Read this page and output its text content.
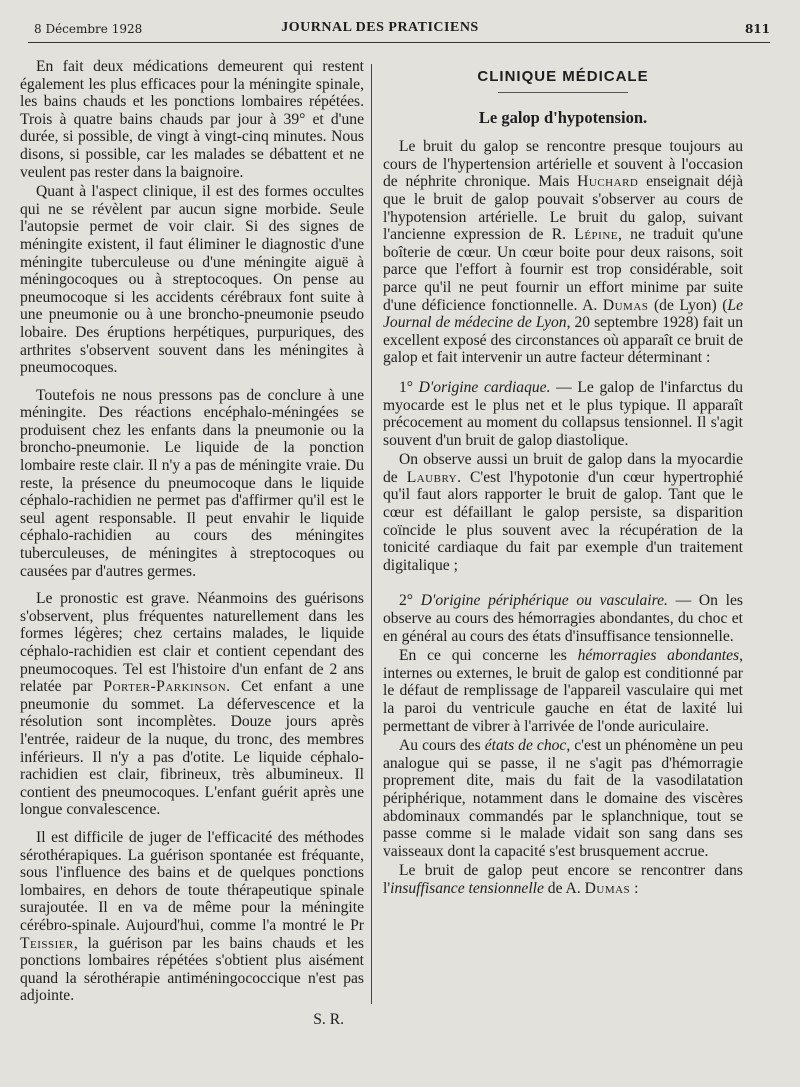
8 Décembre 1928	JOURNAL DES PRATICIENS	811

En fait deux médications demeurent qui restent également les plus efficaces pour la méningite spinale, les bains chauds et les ponctions lombaires répétées. Trois à quatre bains chauds par jour à 39° et d'une durée, si possible, de vingt à vingt-cinq minutes. Nous disons, si possible, car les malades se débattent et ne veulent pas rester dans la baignoire.

Quant à l'aspect clinique, il est des formes occultes qui ne se révèlent par aucun signe morbide. Seule l'autopsie permet de voir clair. Si des signes de méningite existent, il faut éliminer le diagnostic d'une méningite tuberculeuse ou d'une méningite aiguë à méningocoques ou à streptocoques. On pense au pneumocoque si les accidents cérébraux font suite à une pneumonie ou à une broncho-pneumonie pseudo lobaire. Des éruptions herpétiques, purpuriques, des arthrites s'observent souvent dans les méningites à pneumocoques.

Toutefois ne nous pressons pas de conclure à une méningite. Des réactions encéphalo-méningées se produisent chez les enfants dans la pneumonie ou la broncho-pneumonie. Le liquide de la ponction lombaire reste clair. Il n'y a pas de méningite vraie. Du reste, la présence du pneumocoque dans le liquide céphalo-rachidien ne permet pas d'affirmer qu'il est le seul agent responsable. Il peut envahir le liquide céphalo-rachidien au cours des méningites tuberculeuses, de méningites à streptocoques ou causées par d'autres germes.

Le pronostic est grave. Néanmoins des guérisons s'observent, plus fréquentes naturellement dans les formes légères; chez certains malades, le liquide céphalo-rachidien est clair et contient cependant des pneumocoques. Tel est l'histoire d'un enfant de 2 ans relatée par Porter-Parkinson. Cet enfant a une pneumonie du sommet. La défervescence et la résolution sont incomplètes. Douze jours après l'entrée, raideur de la nuque, du tronc, des membres inférieurs. Il n'y a pas d'otite. Le liquide céphalo-rachidien est clair, fibrineux, très albumineux. Il contient des pneumocoques. L'enfant guérit après une longue convalescence.

Il est difficile de juger de l'efficacité des méthodes sérothérapiques. La guérison spontanée est fréquante, sous l'influence des bains et de quelques ponctions lombaires, en dehors de toute thérapeutique spinale surajoutée. Il en va de même pour la méningite cérébro-spinale. Aujourd'hui, comme l'a montré le Pr Teissier, la guérison par les bains chauds et les ponctions lombaires répétées s'obtient plus aisément quand la sérothérapie antiméningococcique n'est pas adjointe.

S. R.
CLINIQUE MÉDICALE
Le galop d'hypotension.

Le bruit du galop se rencontre presque toujours au cours de l'hypertension artérielle et souvent à l'occasion de néphrite chronique. Mais Huchard enseignait déjà que le bruit de galop pouvait s'observer au cours de l'hypotension artérielle. Le bruit du galop, suivant l'ancienne expression de R. Lépine, ne traduit qu'une boîterie de cœur. Un cœur boite pour deux raisons, soit parce que l'effort à fournir est trop considérable, soit parce qu'il ne peut fournir un effort minime par suite d'une déficience fonctionnelle. A. Dumas (de Lyon) (Le Journal de médecine de Lyon, 20 septembre 1928) fait un excellent exposé des circonstances où apparaît ce bruit de galop et fait intervenir un autre facteur déterminant :

1° D'origine cardiaque. — Le galop de l'infarctus du myocarde est le plus net et le plus typique. Il apparaît précocement au moment du collapsus tensionnel. Il s'agit souvent d'un bruit de galop diastolique.

On observe aussi un bruit de galop dans la myocardie de Laubry. C'est l'hypotonie d'un cœur hypertrophié qu'il faut alors rapporter le bruit de galop. Tant que le cœur est défaillant le galop persiste, sa disparition coïncide le plus souvent avec la récupération de la tonicité cardiaque du fait par exemple d'un traitement digitalique ;

2° D'origine périphérique ou vasculaire. — On les observe au cours des hémorragies abondantes, du choc et en général au cours des états d'insuffisance tensionnelle.

En ce qui concerne les hémorragies abondantes, internes ou externes, le bruit de galop est conditionné par le défaut de remplissage de l'appareil vasculaire qui met la paroi du ventricule gauche en état de laxité lui permettant de vibrer à l'arrivée de l'onde auriculaire.

Au cours des états de choc, c'est un phénomène un peu analogue qui se passe, il ne s'agit pas d'hémorragie proprement dite, mais du fait de la vasodilatation périphérique, notamment dans le domaine des viscères abdominaux commandés par le splanchnique, tout se passe comme si le malade vidait son sang dans ses vaisseaux dont la capacité s'est brusquement accrue.

Le bruit de galop peut encore se rencontrer dans l'insuffisance tensionnelle de A. Dumas :
